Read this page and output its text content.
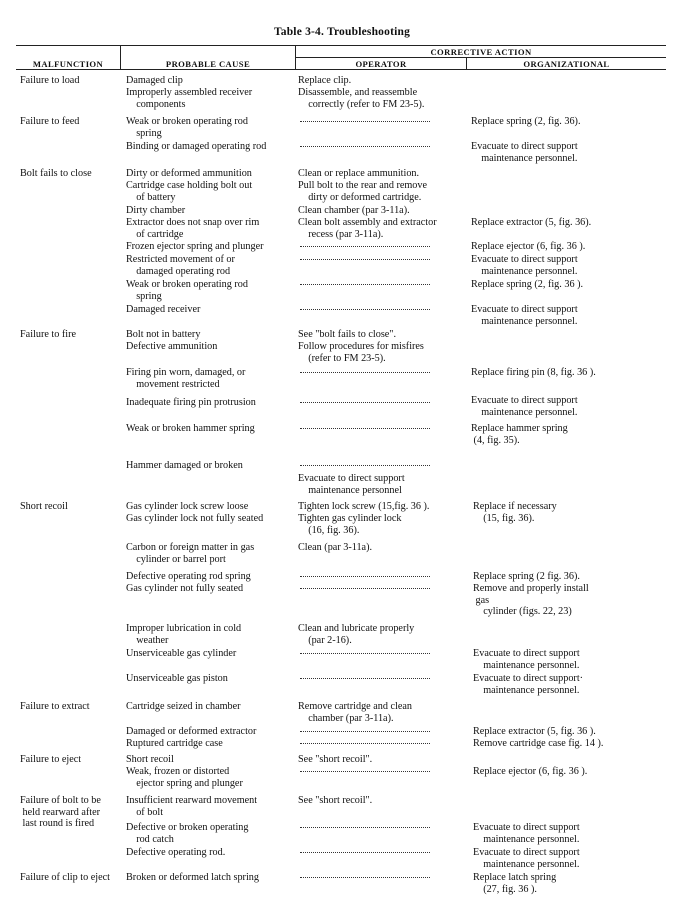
Table 3-4. Troubleshooting
MALFUNCTION	PROBABLE CAUSE
CORRECTIVE ACTION
OPERATOR	ORGANIZATIONAL
Failure to load
Failure to feed
Bolt fails to close
Failure to fire
Short recoil
Failure to extract
Failure to eject
Failure of bolt to be
held rearward after
last round is fired
Failure of clip to eject
Damaged clip
Improperly assembled receiver
components
Weak or broken operating rod
spring
Binding or damaged operating rod
Dirty or deformed ammunition
Cartridge case holding bolt out
of battery
Dirty chamber
Extractor does not snap over rim
of cartridge
Frozen ejector spring and plunger
Restricted movement of or
damaged operating rod
Weak or broken operating rod
spring
Damaged receiver
Bolt not in battery
Defective ammunition
Firing pin worn, damaged, or
movement restricted
Inadequate firing pin protrusion
Weak or broken hammer spring
Hammer damaged or broken
Gas cylinder lock screw loose
Gas cylinder lock not fully seated
Carbon or foreign matter in gas
cylinder or barrel port
Defective operating rod spring
Gas cylinder not fully seated
Improper lubrication in cold
weather
Unserviceable gas cylinder
Unserviceable gas piston
Cartridge seized in chamber
Damaged or deformed extractor
Ruptured cartridge case
Short recoil
Weak, frozen or distorted
ejector spring and plunger
Insufficient rearward movement
of bolt
Defective or broken operating
rod catch
Defective operating rod.
Broken or deformed latch spring
Replace clip.
Disassemble, and reassemble
correctly (refer to FM 23-5).
Clean or replace ammunition.
Pull bolt to the rear and remove
dirty or deformed cartridge.
Clean chamber (par 3-11a).
Clean bolt assembly and extractor
recess (par 3-11a).
See "bolt fails to close".
Follow procedures for misfires
(refer to FM 23-5).
Evacuate to direct support
maintenance personnel
Tighten lock screw (15,fig. 36 ).
Tighten gas cylinder lock
(16, fig. 36).
Clean (par 3-11a).
Clean and lubricate properly
(par 2-16).
Remove cartridge and clean
chamber (par 3-11a).
See "short recoil".
See "short recoil".
Replace spring (2, fig. 36).
Evacuate to direct support
maintenance personnel.
Replace extractor (5, fig. 36).
Replace ejector (6, fig. 36 ).
Evacuate to direct support
maintenance personnel.
Replace spring (2, fig. 36 ).
Evacuate to direct support
maintenance personnel.
Replace firing pin (8, fig. 36 ).
Evacuate to direct support
maintenance personnel.
Replace hammer spring
(4, fig. 35).
Replace if necessary
(15, fig. 36).
Replace spring (2 fig. 36).
Remove and properly install
gas
cylinder (figs. 22, 23)
Evacuate to direct support
maintenance personnel.
Evacuate to direct support·
maintenance personnel.
Replace extractor (5, fig. 36 ).
Remove cartridge case fig. 14 ).
Replace ejector (6, fig. 36 ).
Evacuate to direct support
maintenance personnel.
Evacuate to direct support
maintenance personnel.
Replace latch spring
(27, fig. 36 ).
